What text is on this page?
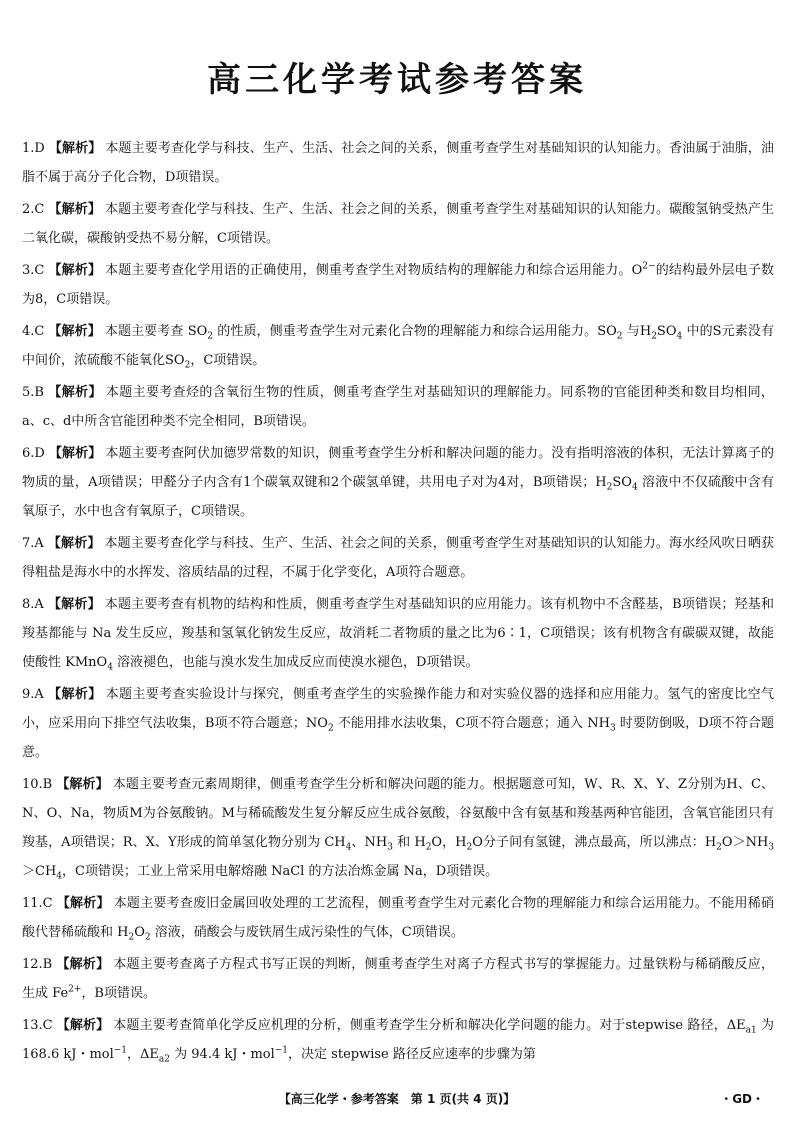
高三化学考试参考答案

1.D 【解析】 本题主要考查化学与科技、生产、生活、社会之间的关系，侧重考查学生对基础知识的认知能力。香油属于油脂，油脂不属于高分子化合物，D项错误。

2.C 【解析】 本题主要考查化学与科技、生产、生活、社会之间的关系，侧重考查学生对基础知识的认知能力。碳酸氢钠受热产生二氧化碳，碳酸钠受热不易分解，C项错误。

3.C 【解析】 本题主要考查化学用语的正确使用，侧重考查学生对物质结构的理解能力和综合运用能力。$O^{2-}$的结构最外层电子数为8，C项错误。

4.C 【解析】 本题主要考查 $SO_2$ 的性质，侧重考查学生对元素化合物的理解能力和综合运用能力。$SO_2$ 与$H_2SO_4$ 中的S元素没有中间价，浓硫酸不能氧化$SO_2$，C项错误。

5.B 【解析】 本题主要考查烃的含氧衍生物的性质，侧重考查学生对基础知识的理解能力。同系物的官能团种类和数目均相同，a、c、d中所含官能团种类不完全相同，B项错误。

6.D 【解析】 本题主要考查阿伏加德罗常数的知识，侧重考查学生分析和解决问题的能力。没有指明溶液的体积，无法计算离子的物质的量，A项错误；甲醛分子内含有1个碳氧双键和2个碳氢单键，共用电子对为4对，B项错误；$H_2SO_4$ 溶液中不仅硫酸中含有氧原子，水中也含有氧原子，C项错误。

7.A 【解析】 本题主要考查化学与科技、生产、生活、社会之间的关系，侧重考查学生对基础知识的认知能力。海水经风吹日晒获得粗盐是海水中的水挥发、溶质结晶的过程，不属于化学变化，A项符合题意。

8.A 【解析】 本题主要考查有机物的结构和性质，侧重考查学生对基础知识的应用能力。该有机物中不含醛基，B项错误；羟基和羧基都能与 Na 发生反应，羧基和氢氧化钠发生反应，故消耗二者物质的量之比为6∶1，C项错误；该有机物含有碳碳双键，故能使酸性 KMnO$_4$ 溶液褪色，也能与溴水发生加成反应而使溴水褪色，D项错误。

9.A 【解析】 本题主要考查实验设计与探究，侧重考查学生的实验操作能力和对实验仪器的选择和应用能力。氢气的密度比空气小，应采用向下排空气法收集，B项不符合题意；$NO_2$ 不能用排水法收集，C项不符合题意；通入 $NH_3$ 时要防倒吸，D项不符合题意。

10.B 【解析】 本题主要考查元素周期律，侧重考查学生分析和解决问题的能力。根据题意可知，W、R、X、Y、Z分别为H、C、N、O、Na，物质M为谷氨酸钠。M与稀硫酸发生复分解反应生成谷氨酸，谷氨酸中含有氨基和羧基两种官能团，含氧官能团只有羧基，A项错误；R、X、Y形成的简单氢化物分别为 $CH_4$、$NH_3$ 和 $H_2O$，$H_2O$分子间有氢键，沸点最高，所以沸点：$H_2O>NH_3>CH_4$，C项错误；工业上常采用电解熔融 NaCl 的方法冶炼金属 Na，D项错误。

11.C 【解析】 本题主要考查废旧金属回收处理的工艺流程，侧重考查学生对元素化合物的理解能力和综合运用能力。不能用稀硝酸代替稀硫酸和 $H_2O_2$ 溶液，硝酸会与废铁屑生成污染性的气体，C项错误。

12.B 【解析】 本题主要考查离子方程式书写正误的判断，侧重考查学生对离子方程式书写的掌握能力。过量铁粉与稀硝酸反应，生成 $Fe^{2+}$，B项错误。

13.C 【解析】 本题主要考查简单化学反应机理的分析，侧重考查学生分析和解决化学问题的能力。对于stepwise 路径，$\Delta E_{a1}$ 为 168.6 kJ・mol$^{-1}$，$\Delta E_{a2}$ 为 94.4 kJ・mol$^{-1}$，决定 stepwise 路径反应速率的步骤为第

【高三化学・参考答案　第 1 页(共 4 页)】	・GD・
